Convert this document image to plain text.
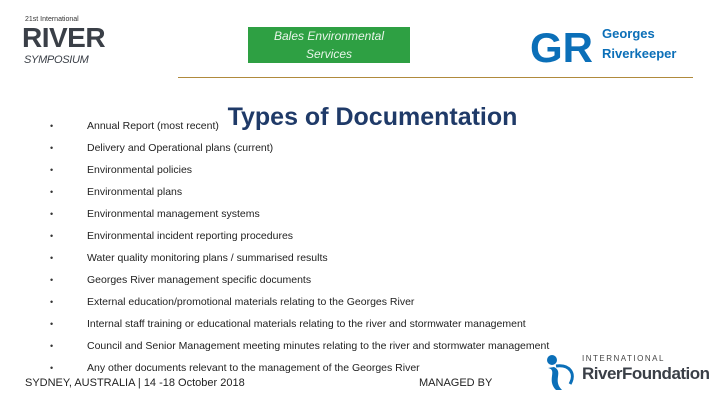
21st International
RIVER
SYMPOSIUM
Bales Environmental
Services	GR Georges
Riverkeeper
Types of Documentation
•	Annual Report (most recent)
•	Delivery and Operational plans (current)
•	Environmental policies
•	Environmental plans
•	Environmental management systems
•	Environmental incident reporting procedures
•	Water quality monitoring plans / summarised results
•	Georges River management specific documents
•	External education/promotional materials relating to the Georges River
•	Internal staff training or educational materials relating to the river and stormwater management
•	Council and Senior Management meeting minutes relating to the river and stormwater management
•	Any other documents relevant to the management of the Georges River
SYDNEY, AUSTRALIA | 14 -18 October 2018	MANAGED BY
INTERNATIONAL
RiverFoundation
